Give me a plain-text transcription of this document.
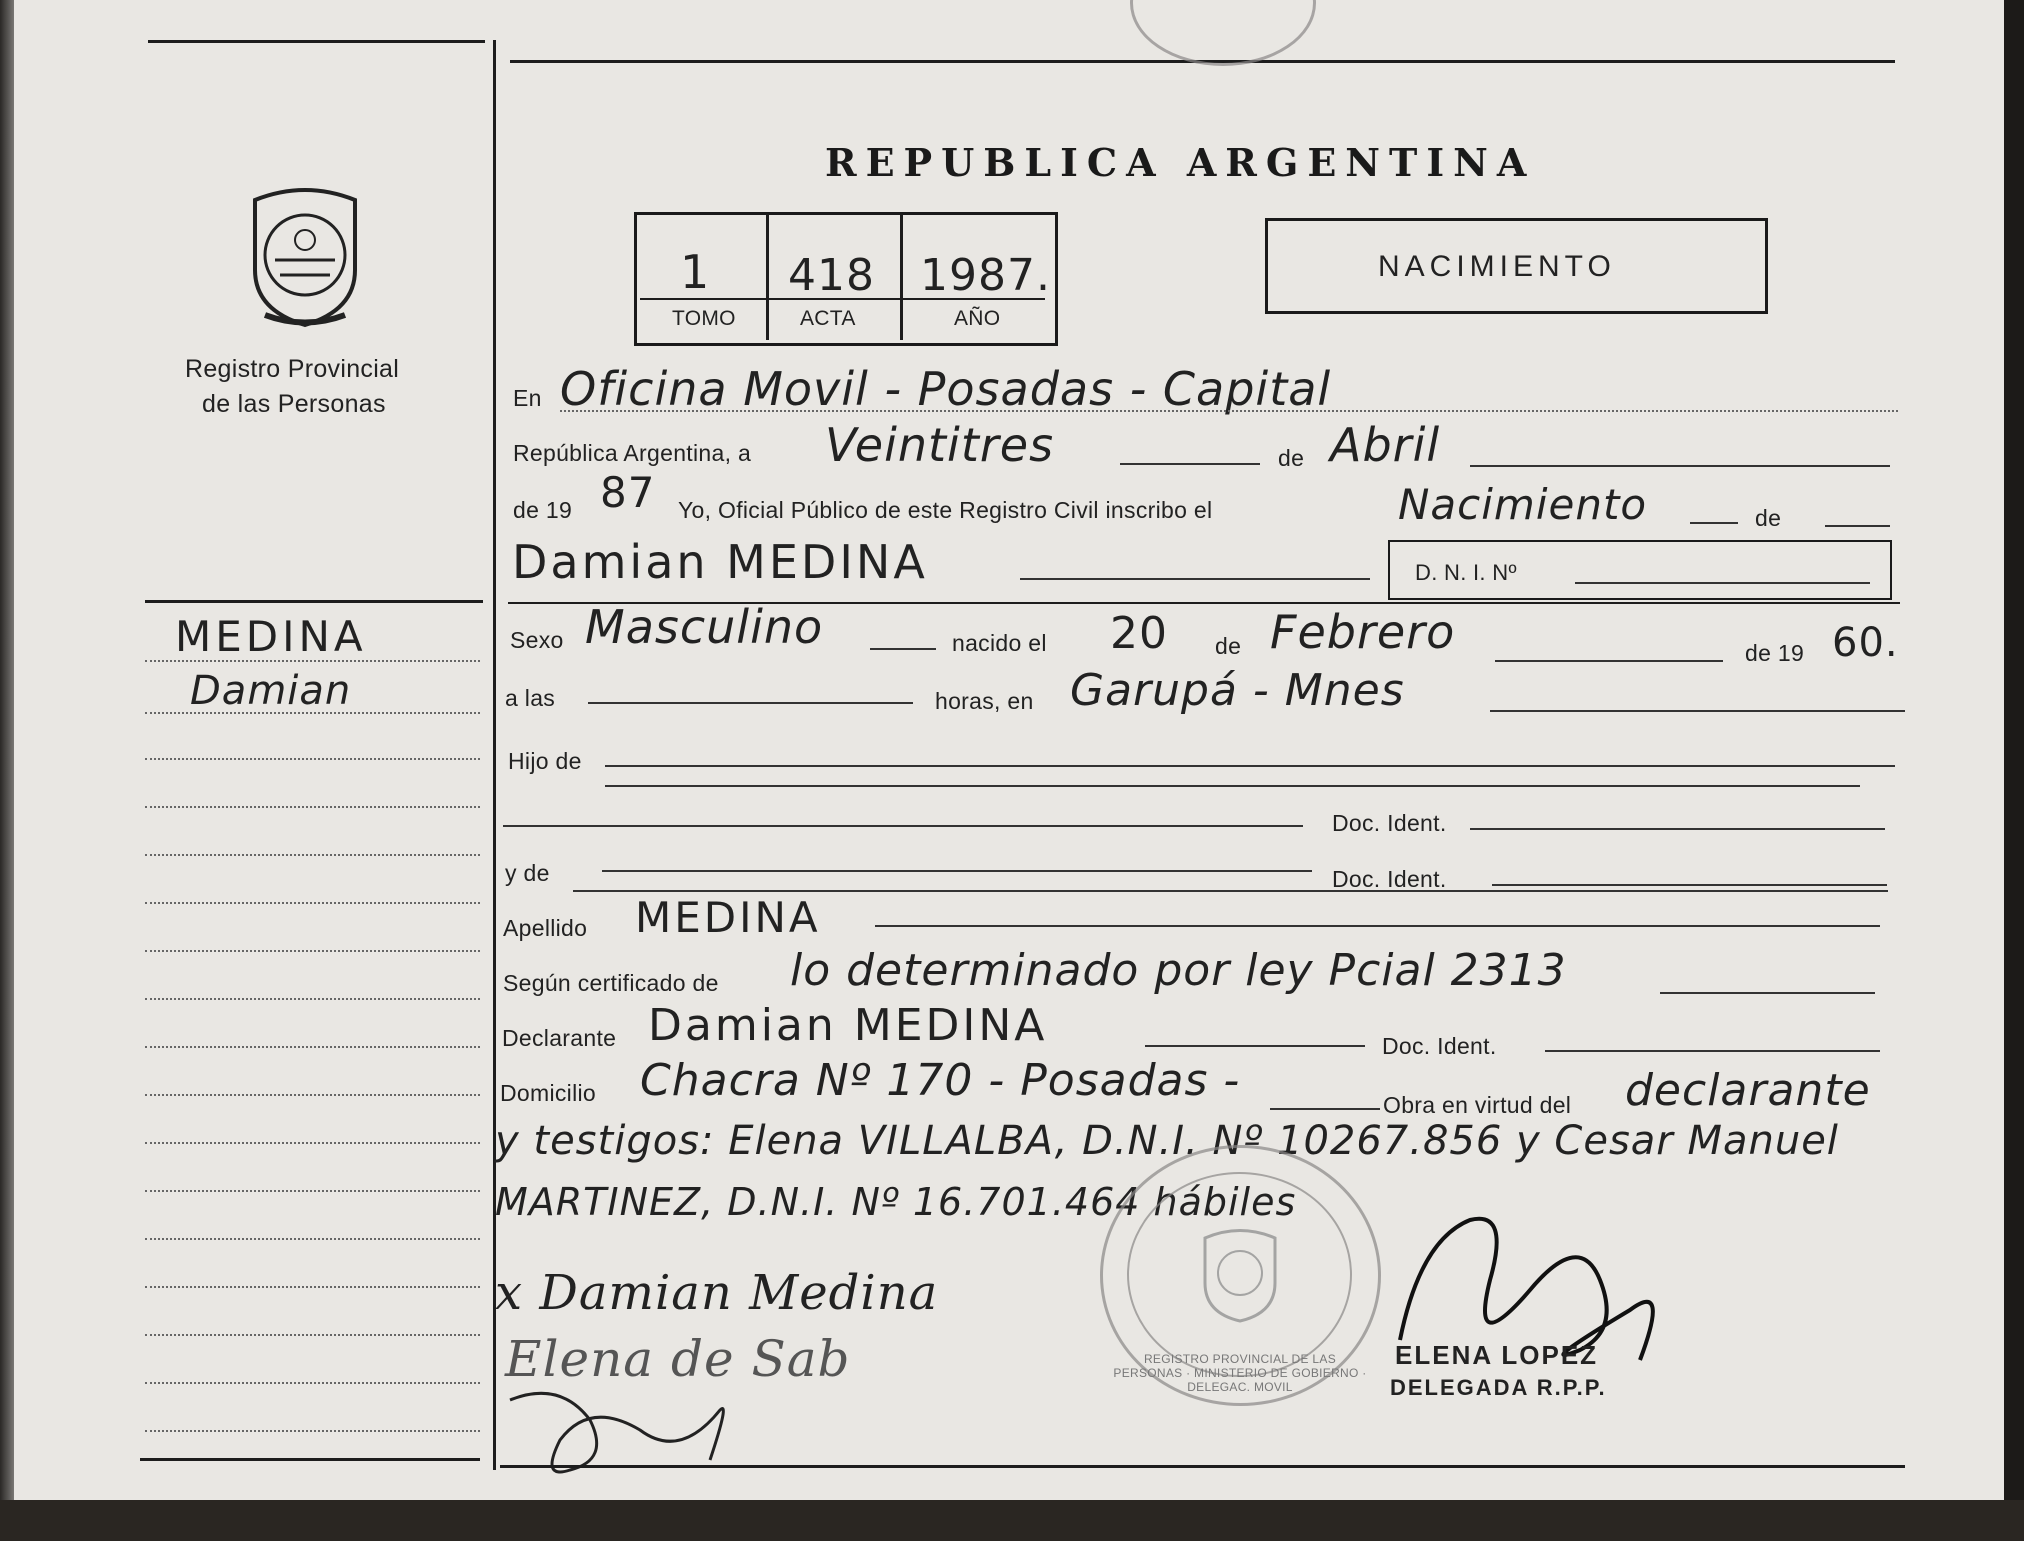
Registro Provincial
de las Personas
MEDINA
Damian
REPUBLICA ARGENTINA
1 418 1987.
TOMO	ACTA	AÑO
NACIMIENTO
En Oficina Movil - Posadas - Capital
República Argentina, a Veintitres	de Abril
de 19 87 Yo, Oficial Público de este Registro Civil inscribo el	Nacimiento	de
Damian MEDINA	D. N. I. Nº
Sexo Masculino	nacido el 20 de Febrero	de 19 60.
a las	horas, en Garupá - Mnes
Hijo de
Doc. Ident.
y de	Doc. Ident.
Apellido MEDINA
Según certificado de lo determinado por ley Pcial 2313
Declarante Damian MEDINA	Doc. Ident.
Domicilio Chacra Nº 170 - Posadas -	Obra en virtud del declarante
y testigos: Elena VILLALBA, D.N.I. Nº 10267.856 y Cesar Manuel
MARTINEZ, D.N.I. Nº 16.701.464 hábiles
REGISTRO PROVINCIAL DE LAS PERSONAS · MINISTERIO DE GOBIERNO · DELEGAC. MOVIL
x Damian Medina
Elena de Sab	ELENA LOPEZ
DELEGADA R.P.P.
